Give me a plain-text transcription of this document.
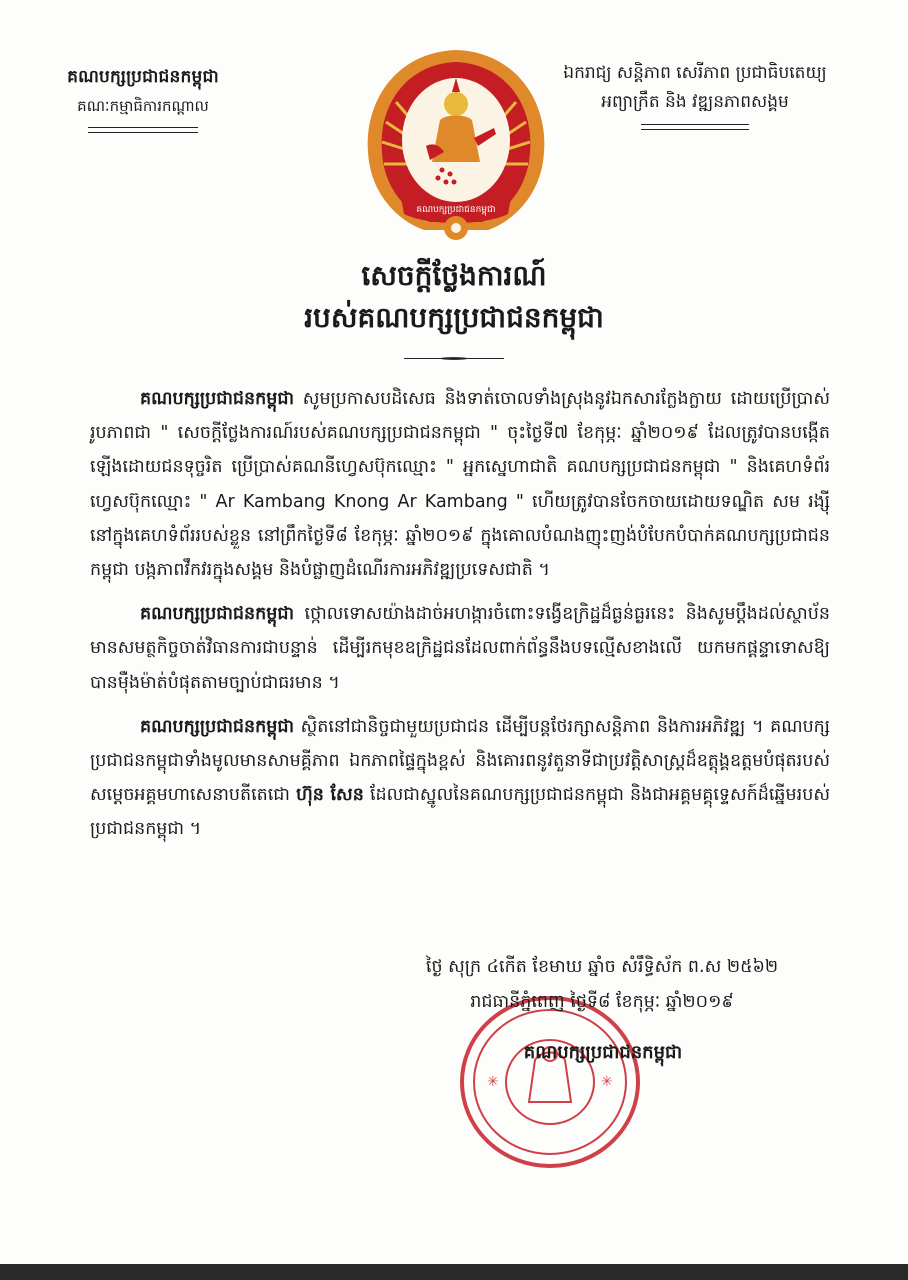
គណបក្សប្រជាជនកម្ពុជា
គណៈកម្មាធិការកណ្តាល
ឯករាជ្យ សន្តិភាព សេរីភាព ប្រជាធិបតេយ្យ
អព្យាក្រឹត និង វឌ្ឍនភាពសង្គម
គណបក្សប្រជាជនកម្ពុជា
សេចក្តីថ្លែងការណ៍
របស់គណបក្សប្រជាជនកម្ពុជា

គណបក្សប្រជាជនកម្ពុជា សូមប្រកាសបដិសេធ និងទាត់ចោលទាំងស្រុងនូវឯកសារក្លែងក្លាយ ដោយប្រើប្រាស់រូបភាពជា " សេចក្តីថ្លែងការណ៍របស់គណបក្សប្រជាជនកម្ពុជា " ចុះថ្ងៃទី៧ ខែកុម្ភៈ ឆ្នាំ២០១៩ ដែលត្រូវបានបង្កើតឡើងដោយជនទុច្ចរិត ប្រើប្រាស់គណនីហ្វេសប៊ុកឈ្មោះ " អ្នកស្នេហាជាតិ គណបក្សប្រជាជនកម្ពុជា " និងគេហទំព័រហ្វេសប៊ុកឈ្មោះ " Ar Kambang Knong Ar Kambang " ហើយត្រូវបានចែកចាយដោយទណ្ឌិត សម រង្ស៊ី នៅក្នុងគេហទំព័ររបស់ខ្លួន នៅព្រឹកថ្ងៃទី៨ ខែកុម្ភៈ ឆ្នាំ២០១៩ ក្នុងគោលបំណងញុះញង់បំបែកបំបាក់គណបក្សប្រជាជនកម្ពុជា បង្កភាពវឹកវរក្នុងសង្គម និងបំផ្លាញដំណើរការអភិវឌ្ឍប្រទេសជាតិ ។

គណបក្សប្រជាជនកម្ពុជា ថ្កោលទោសយ៉ាងដាច់អហង្ការចំពោះទង្វើឧក្រិដ្ឋដ៏ធ្ងន់ធ្ងរនេះ និងសូមប្តឹងដល់ស្ថាប័នមានសមត្ថកិច្ចចាត់វិធានការជាបន្ទាន់ ដើម្បីរកមុខឧក្រិដ្ឋជនដែលពាក់ព័ន្ធនឹងបទល្មើសខាងលើ យកមកផ្តន្ទាទោសឱ្យបានម៉ឺងម៉ាត់បំផុតតាមច្បាប់ជាធរមាន ។

គណបក្សប្រជាជនកម្ពុជា ស្ថិតនៅជានិច្ចជាមួយប្រជាជន ដើម្បីបន្តថែរក្សាសន្តិភាព និងការអភិវឌ្ឍ ។ គណបក្សប្រជាជនកម្ពុជាទាំងមូលមានសាមគ្គីភាព ឯកភាពផ្ទៃក្នុងខ្ពស់ និងគោរពនូវតួនាទីជាប្រវត្តិសាស្ត្រដ៏ឧត្តុង្គឧត្តមបំផុតរបស់សម្តេចអគ្គមហាសេនាបតីតេជោ ហ៊ុន សែន ដែលជាស្នូលនៃគណបក្សប្រជាជនកម្ពុជា និងជាអគ្គមគ្គុទ្ទេសក៍ដ៏ឆ្នើមរបស់ប្រជាជនកម្ពុជា ។

✳	✳
ថ្ងៃ សុក្រ ៤កើត ខែមាឃ ឆ្នាំច សំរឹទ្ធិស័ក ព.ស ២៥៦២
រាជធានីភ្នំពេញ ថ្ងៃទី៨ ខែកុម្ភៈ ឆ្នាំ២០១៩
គណបក្សប្រជាជនកម្ពុជា
